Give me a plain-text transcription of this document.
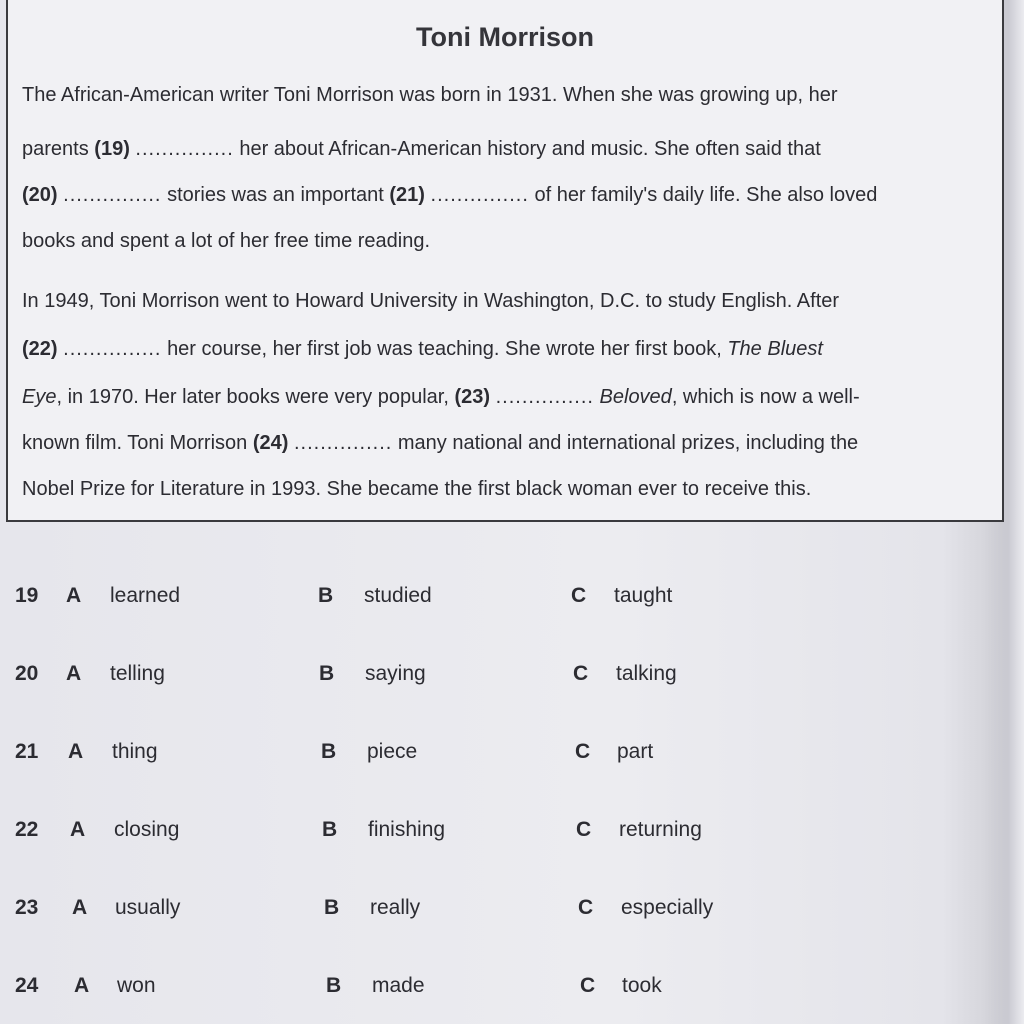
Toni Morrison
The African-American writer Toni Morrison was born in 1931. When she was growing up, her
parents (19) ............... her about African-American history and music. She often said that
(20) ............... stories was an important (21) ............... of her family's daily life. She also loved
books and spent a lot of her free time reading.
In 1949, Toni Morrison went to Howard University in Washington, D.C. to study English. After
(22) ............... her course, her first job was teaching. She wrote her first book, The Bluest
Eye, in 1970. Her later books were very popular, (23) ............... Beloved, which is now a well-
known film. Toni Morrison (24) ............... many national and international prizes, including the
Nobel Prize for Literature in 1993. She became the first black woman ever to receive this.
19 A learned	B studied	C taught
20 A telling	B saying	C talking
21 A thing	B piece	C part
22 A closing	B finishing	C returning
23 A usually	B really	C especially
24 A won	B made	C took
